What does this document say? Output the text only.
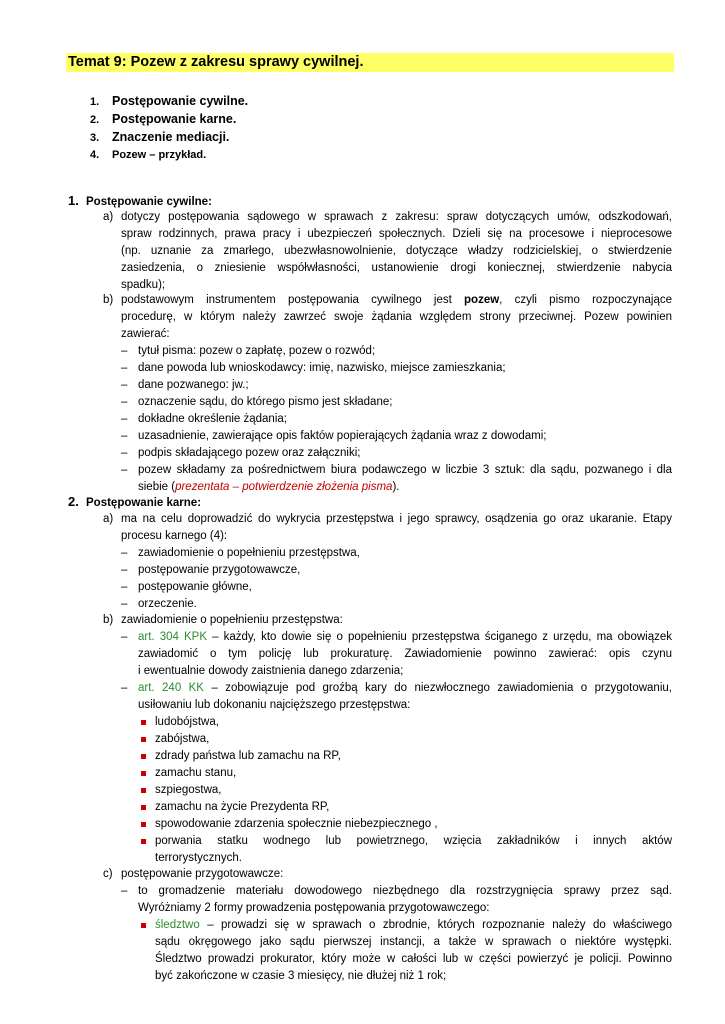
Temat 9: Pozew z zakresu sprawy cywilnej.
1. Postępowanie cywilne.
2. Postępowanie karne.
3. Znaczenie mediacji.
4. Pozew – przykład.
1. Postępowanie cywilne:
a) dotyczy postępowania sądowego w sprawach z zakresu: spraw dotyczących umów, odszkodowań,
spraw rodzinnych, prawa pracy i ubezpieczeń społecznych. Dzieli się na procesowe i nieprocesowe
(np. uznanie za zmarłego, ubezwłasnowolnienie, dotyczące władzy rodzicielskiej, o stwierdzenie
zasiedzenia, o zniesienie współwłasności, ustanowienie drogi koniecznej, stwierdzenie nabycia
spadku);
b) podstawowym instrumentem postępowania cywilnego jest pozew, czyli pismo rozpoczynające
procedurę, w którym należy zawrzeć swoje żądania względem strony przeciwnej. Pozew powinien
zawierać:
– tytuł pisma: pozew o zapłatę, pozew o rozwód;
– dane powoda lub wnioskodawcy: imię, nazwisko, miejsce zamieszkania;
– dane pozwanego: jw.;
– oznaczenie sądu, do którego pismo jest składane;
– dokładne określenie żądania;
– uzasadnienie, zawierające opis faktów popierających żądania wraz z dowodami;
– podpis składającego pozew oraz załączniki;
– pozew składamy za pośrednictwem biura podawczego w liczbie 3 sztuk: dla sądu, pozwanego i dla
siebie (prezentata – potwierdzenie złożenia pisma).
2. Postępowanie karne:
a) ma na celu doprowadzić do wykrycia przestępstwa i jego sprawcy, osądzenia go oraz ukaranie. Etapy
procesu karnego (4):
– zawiadomienie o popełnieniu przestępstwa,
– postępowanie przygotowawcze,
– postępowanie główne,
– orzeczenie.
b) zawiadomienie o popełnieniu przestępstwa:
– art. 304 KPK – każdy, kto dowie się o popełnieniu przestępstwa ściganego z urzędu, ma obowiązek
zawiadomić o tym policję lub prokuraturę. Zawiadomienie powinno zawierać: opis czynu
i ewentualnie dowody zaistnienia danego zdarzenia;
– art. 240 KK – zobowiązuje pod groźbą kary do niezwłocznego zawiadomienia o przygotowaniu,
usiłowaniu lub dokonaniu najcięższego przestępstwa:
ludobójstwa,
zabójstwa,
zdrady państwa lub zamachu na RP,
zamachu stanu,
szpiegostwa,
zamachu na życie Prezydenta RP,
spowodowanie zdarzenia społecznie niebezpiecznego ,
porwania statku wodnego lub powietrznego, wzięcia zakładników i innych aktów
terrorystycznych.
c) postępowanie przygotowawcze:
– to gromadzenie materiału dowodowego niezbędnego dla rozstrzygnięcia sprawy przez sąd.
Wyróżniamy 2 formy prowadzenia postępowania przygotowawczego:
śledztwo – prowadzi się w sprawach o zbrodnie, których rozpoznanie należy do właściwego
sądu okręgowego jako sądu pierwszej instancji, a także w sprawach o niektóre występki.
Śledztwo prowadzi prokurator, który może w całości lub w części powierzyć je policji. Powinno
być zakończone w czasie 3 miesięcy, nie dłużej niż 1 rok;
